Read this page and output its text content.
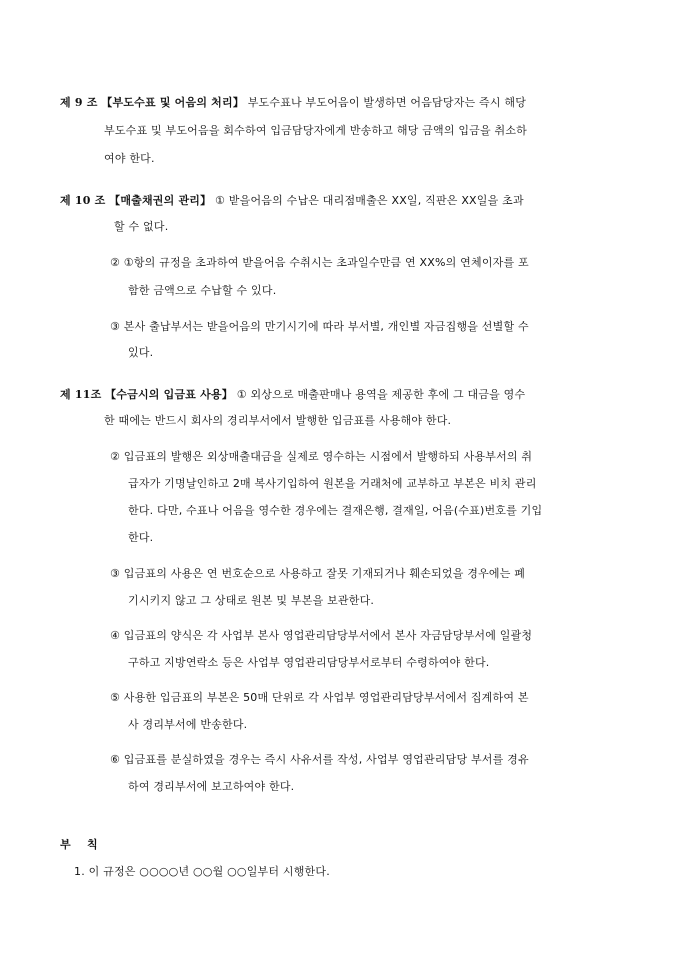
제 9 조 【부도수표 및 어음의 처리】 부도수표나 부도어음이 발생하면 어음담당자는 즉시 해당
부도수표 및 부도어음을 회수하여 입금담당자에게 반송하고 해당 금액의 입금을 취소하
여야 한다.
제 10 조 【매출채권의 관리】 ① 받을어음의 수납은 대리점매출은 XX일, 직판은 XX일을 초과
할 수 없다.
② ①항의 규정을 초과하여 받을어음 수취시는 초과일수만큼 연 XX%의 연체이자를 포
함한 금액으로 수납할 수 있다.
③ 본사 출납부서는 받을어음의 만기시기에 따라 부서별, 개인별 자금집행을 선별할 수
있다.
제 11조 【수금시의 입금표 사용】 ① 외상으로 매출판매나 용역을 제공한 후에 그 대금을 영수
한 때에는 반드시 회사의 경리부서에서 발행한 입금표를 사용해야 한다.
② 입금표의 발행은 외상매출대금을 실제로 영수하는 시점에서 발행하되 사용부서의 취
급자가 기명날인하고 2매 복사기입하여 원본을 거래처에 교부하고 부본은 비치 관리
한다. 다만, 수표나 어음을 영수한 경우에는 결재은행, 결재일, 어음(수표)번호를 기입
한다.
③ 입금표의 사용은 연 번호순으로 사용하고 잘못 기재되거나 훼손되었을 경우에는 폐
기시키지 않고 그 상태로 원본 및 부본을 보관한다.
④ 입금표의 양식은 각 사업부 본사 영업관리담당부서에서 본사 자금담당부서에 일괄청
구하고 지방연락소 등은 사업부 영업관리담당부서로부터 수령하여야 한다.
⑤ 사용한 입금표의 부본은 50매 단위로 각 사업부 영업관리담당부서에서 집계하여 본
사 경리부서에 반송한다.
⑥ 입금표를 분실하였을 경우는 즉시 사유서를 작성, 사업부 영업관리담당 부서를 경유
하여 경리부서에 보고하여야 한다.
부    칙
1. 이 규정은 ○○○○년 ○○월 ○○일부터 시행한다.
